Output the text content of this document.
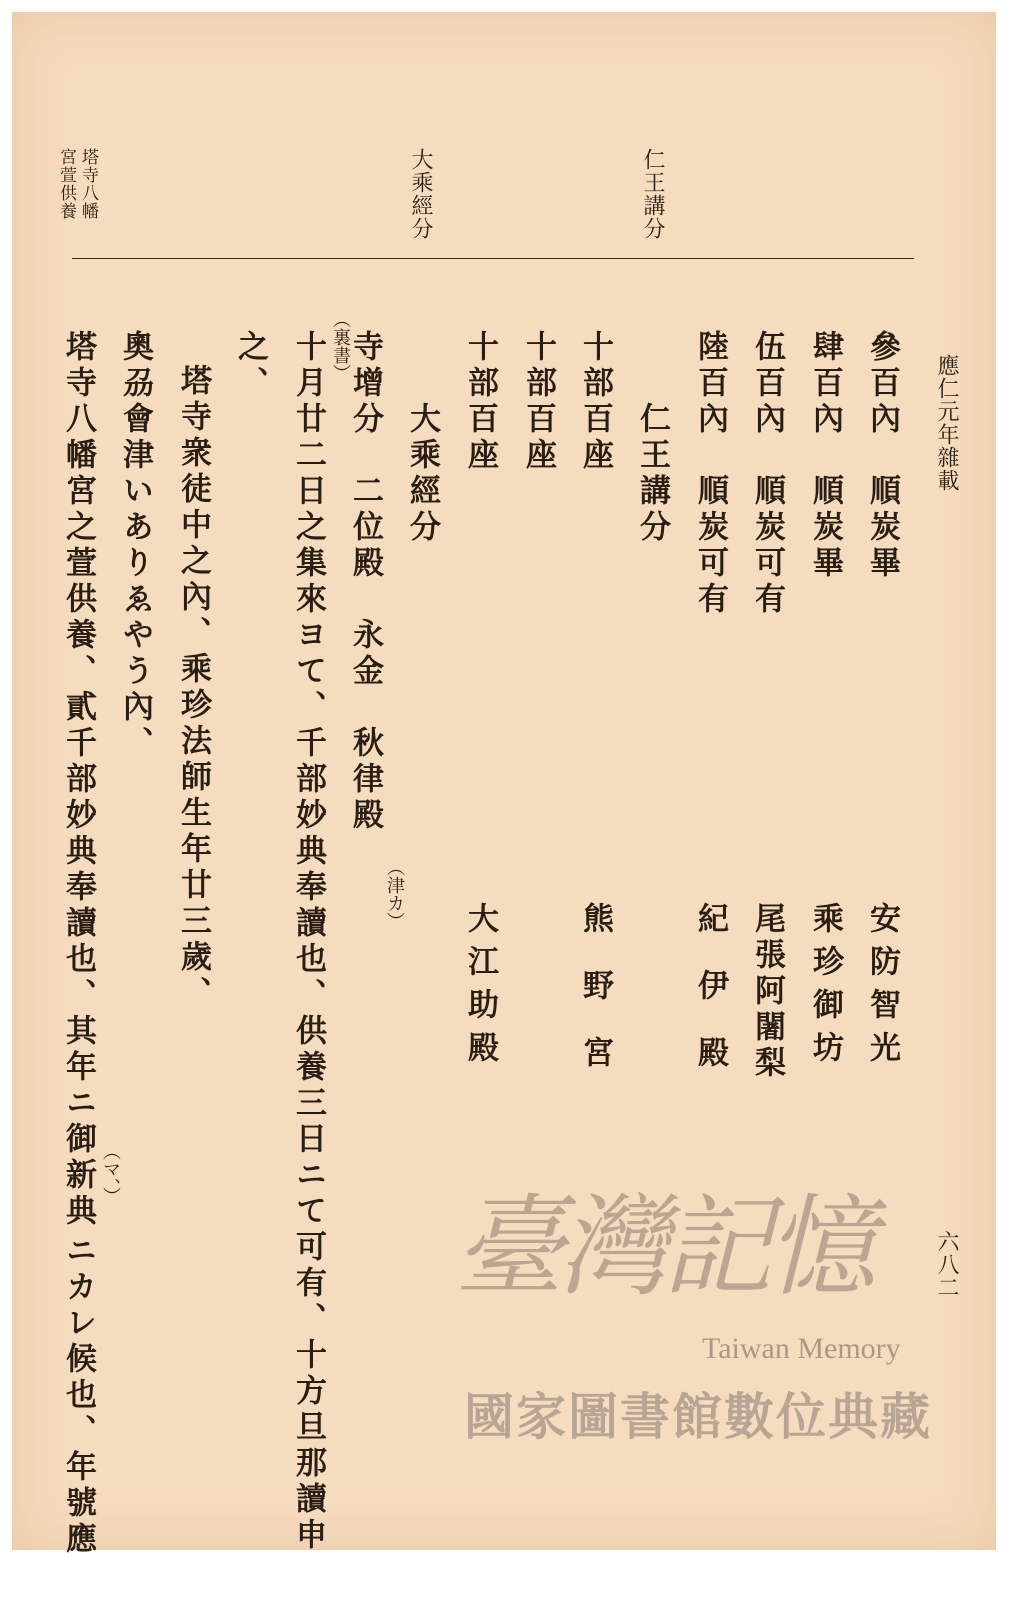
應仁元年雜載
六八二
仁王講分
大乘經分
塔寺八幡
宮萱供養
參百內　順炭畢
安防智光
肆百內　順炭畢
乘珍御坊
伍百內　順炭可有
尾張阿闍梨
陸百內　順炭可有
紀伊殿
仁王講分
十部百座
熊野宮
十部百座
十部百座
大江助殿
大乘經分
寺增分　二位殿　永金　秋律殿
（津カ）
（裏書）
十月廿二日之集來ヨて、千部妙典奉讀也、供養三日ニて可有、十方旦那讀申
之、
塔寺衆徒中之內、乘珍法師生年廿三歲、
奧刕會津いありゑやう內、
塔寺八幡宮之萱供養、貳千部妙典奉讀也、其年ニ御新典 （マ、）
ニカレ候也、年號應	臺灣記憶
Taiwan Memory
國家圖書館數位典藏
